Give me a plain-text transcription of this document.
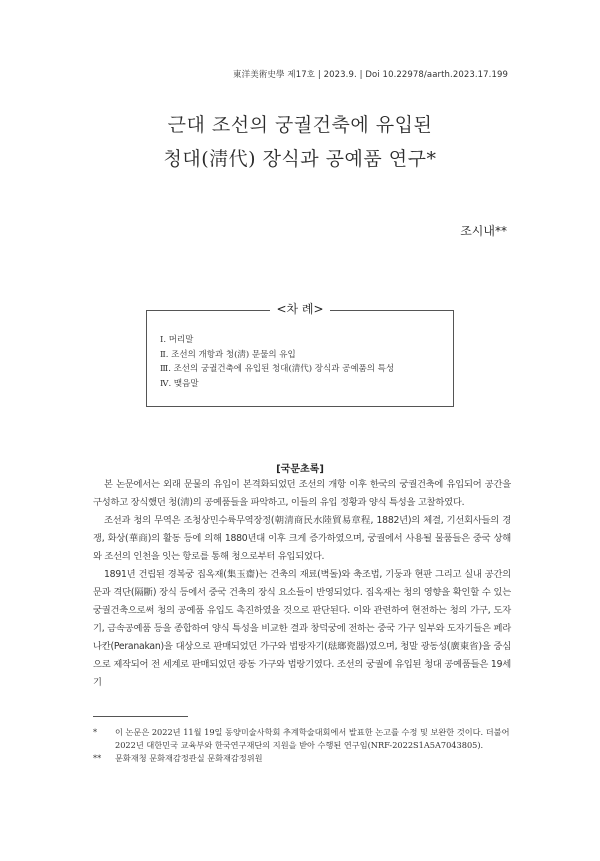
東洋美術史學 제17호 | 2023.9. | Doi 10.22978/aarth.2023.17.199
근대 조선의 궁궐건축에 유입된
청대(淸代) 장식과 공예품 연구*
조시내**
<차 례>
Ⅰ. 머리말
Ⅱ. 조선의 개항과 청(淸) 문물의 유입
Ⅲ. 조선의 궁궐건축에 유입된 청대(淸代) 장식과 공예품의 특성
Ⅳ. 맺음말
[국문초록]

본 논문에서는 외래 문물의 유입이 본격화되었던 조선의 개항 이후 한국의 궁궐건축에 유입되어 공간을 구성하고 장식했던 청(淸)의 공예품들을 파악하고, 이들의 유입 정황과 양식 특성을 고찰하였다.

조선과 청의 무역은 조청상민수륙무역장정(朝淸商民水陸貿易章程, 1882년)의 체결, 기선회사들의 경쟁, 화상(華商)의 활동 등에 의해 1880년대 이후 크게 증가하였으며, 궁궐에서 사용될 물품들은 중국 상해와 조선의 인천을 잇는 항로를 통해 청으로부터 유입되었다.

1891년 건립된 경복궁 집옥재(集玉齋)는 건축의 재료(벽돌)와 축조법, 기둥과 현판 그리고 실내 공간의 문과 격단(隔斷) 장식 등에서 중국 건축의 장식 요소들이 반영되었다. 집옥재는 청의 영향을 확인할 수 있는 궁궐건축으로써 청의 공예품 유입도 촉진하였을 것으로 판단된다. 이와 관련하여 현전하는 청의 가구, 도자기, 금속공예품 등을 종합하여 양식 특성을 비교한 결과 창덕궁에 전하는 중국 가구 일부와 도자기들은 페라나칸(Peranakan)을 대상으로 판매되었던 가구와 법랑자기(琺瑯瓷器)였으며, 청말 광동성(廣東省)을 중심으로 제작되어 전 세계로 판매되었던 광동 가구와 법랑기였다. 조선의 궁궐에 유입된 청대 공예품들은 19세기

*	이 논문은 2022년 11월 19일 동양미술사학회 추계학술대회에서 발표한 논고를 수정 및 보완한 것이다. 더불어 2022년 대한민국 교육부와 한국연구재단의 지원을 받아 수행된 연구임(NRF-2022S1A5A7043805).
**	문화재청 문화재감정관실 문화재감정위원
